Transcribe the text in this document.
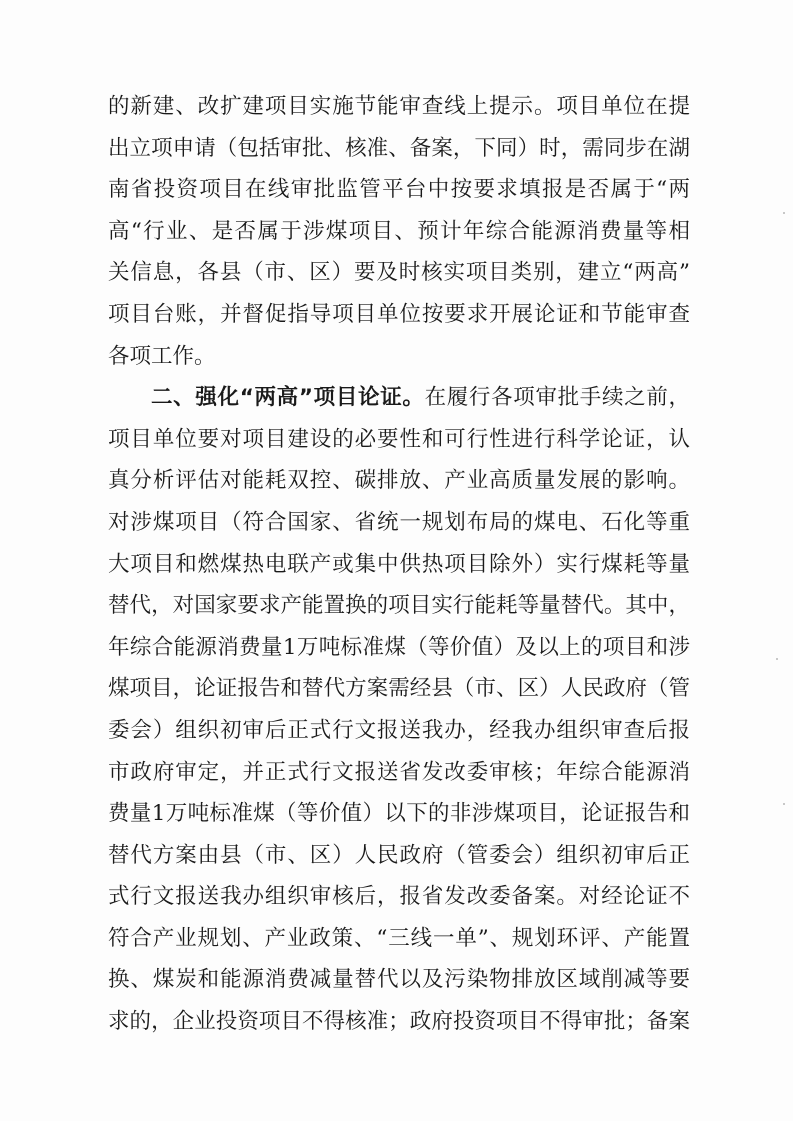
的新建、改扩建项目实施节能审查线上提示。项目单位在提
出立项申请（包括审批、核准、备案，下同）时，需同步在湖
南省投资项目在线审批监管平台中按要求填报是否属于“两
高“行业、是否属于涉煤项目、预计年综合能源消费量等相
关信息，各县（市、区）要及时核实项目类别，建立“两高”
项目台账，并督促指导项目单位按要求开展论证和节能审查
各项工作。
二、强化“两高”项目论证。在履行各项审批手续之前，
项目单位要对项目建设的必要性和可行性进行科学论证，认
真分析评估对能耗双控、碳排放、产业高质量发展的影响。
对涉煤项目（符合国家、省统一规划布局的煤电、石化等重
大项目和燃煤热电联产或集中供热项目除外）实行煤耗等量
替代，对国家要求产能置换的项目实行能耗等量替代。其中，
年综合能源消费量1万吨标准煤（等价值）及以上的项目和涉
煤项目，论证报告和替代方案需经县（市、区）人民政府（管
委会）组织初审后正式行文报送我办，经我办组织审查后报
市政府审定，并正式行文报送省发改委审核；年综合能源消
费量1万吨标准煤（等价值）以下的非涉煤项目，论证报告和
替代方案由县（市、区）人民政府（管委会）组织初审后正
式行文报送我办组织审核后，报省发改委备案。对经论证不
符合产业规划、产业政策、“三线一单”、规划环评、产能置
换、煤炭和能源消费减量替代以及污染物排放区域削减等要
求的，企业投资项目不得核准；政府投资项目不得审批；备案
